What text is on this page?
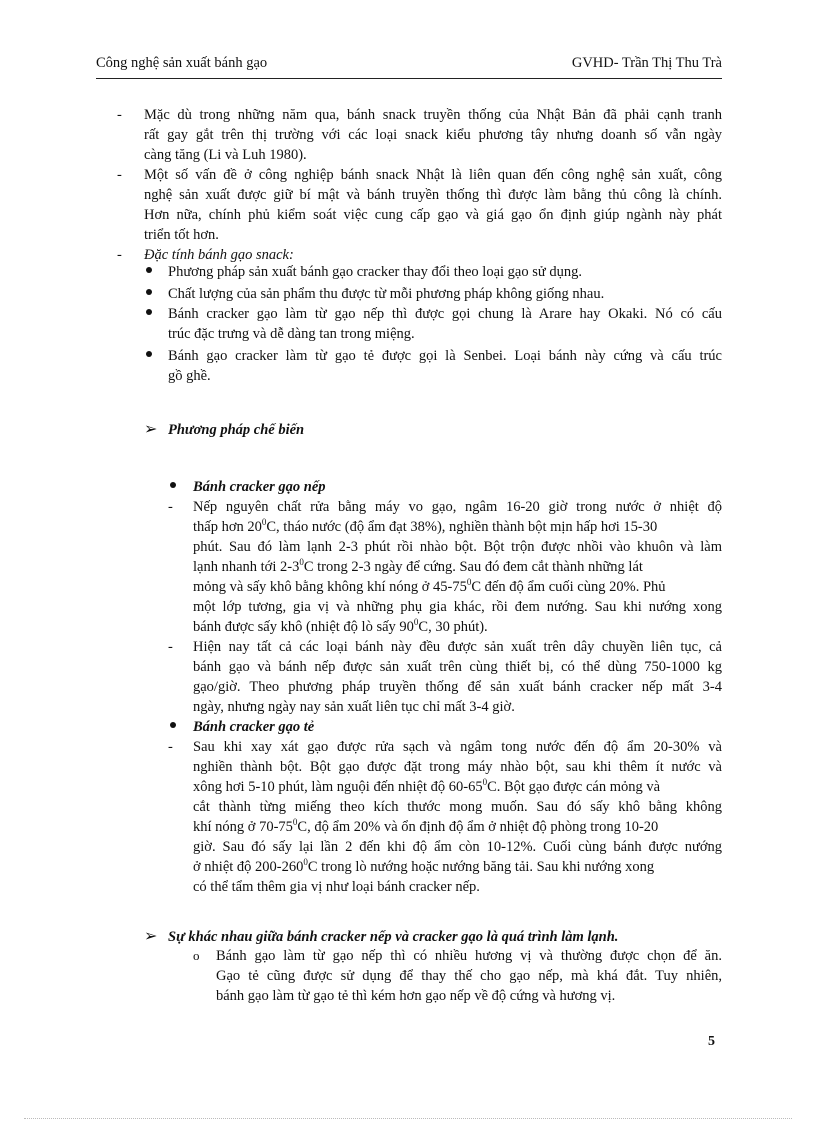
Công nghệ sản xuất bánh gạo	GVHD- Trần Thị Thu Trà
- Mặc dù trong những năm qua, bánh snack truyền thống của Nhật Bản đã phải cạnh tranh
rất gay gắt trên thị trường với các loại snack kiểu phương tây nhưng doanh số vẫn ngày
càng tăng (Li và Luh 1980).
- Một số vấn đề ở công nghiệp bánh snack Nhật là liên quan đến công nghệ sản xuất, công
nghệ sản xuất được giữ bí mật và bánh truyền thống thì được làm bằng thủ công là chính.
Hơn nữa, chính phủ kiểm soát việc cung cấp gạo và giá gạo ổn định giúp ngành này phát
triển tốt hơn.
- Đặc tính bánh gạo snack:
Phương pháp sản xuất bánh gạo cracker thay đổi theo loại gạo sử dụng.
Chất lượng của sản phẩm thu được từ mỗi phương pháp không giống nhau.
Bánh cracker gạo làm từ gạo nếp thì được gọi chung là Arare hay Okaki. Nó có cấu
trúc đặc trưng và dễ dàng tan trong miệng.
Bánh gạo cracker làm từ gạo tẻ được gọi là Senbei. Loại bánh này cứng và cấu trúc
gồ ghề.
➢ Phương pháp chế biến
Bánh cracker gạo nếp
- Nếp nguyên chất rửa bằng máy vo gạo, ngâm 16-20 giờ trong nước ở nhiệt độ
thấp hơn $20^0C$, tháo nước (độ ẩm đạt 38%), nghiền thành bột mịn hấp hơi 15-30
phút. Sau đó làm lạnh 2-3 phút rồi nhào bột. Bột trộn được nhồi vào khuôn và làm
lạnh nhanh tới $2-3^0C$ trong 2-3 ngày để cứng. Sau đó đem cắt thành những lát
mỏng và sấy khô bằng không khí nóng ở $45-75^0C$ đến độ ẩm cuối cùng 20%. Phủ
một lớp tương, gia vị và những phụ gia khác, rồi đem nướng. Sau khi nướng xong
bánh được sấy khô (nhiệt độ lò sấy $90^0C$, 30 phút).
- Hiện nay tất cả các loại bánh này đều được sản xuất trên dây chuyền liên tục, cả
bánh gạo và bánh nếp được sản xuất trên cùng thiết bị, có thể dùng 750-1000 kg
gạo/giờ. Theo phương pháp truyền thống để sản xuất bánh cracker nếp mất 3-4
ngày, nhưng ngày nay sản xuất liên tục chỉ mất 3-4 giờ.
Bánh cracker gạo tẻ
- Sau khi xay xát gạo được rửa sạch và ngâm tong nước đến độ ẩm 20-30% và
nghiền thành bột. Bột gạo được đặt trong máy nhào bột, sau khi thêm ít nước và
xông hơi 5-10 phút, làm nguội đến nhiệt độ $60-65^0C$. Bột gạo được cán mỏng và
cắt thành từng miếng theo kích thước mong muốn. Sau đó sấy khô bằng không
khí nóng ở $70-75^0C$, độ ẩm 20% và ổn định độ ẩm ở nhiệt độ phòng trong 10-20
giờ. Sau đó sấy lại lần 2 đến khi độ ẩm còn 10-12%. Cuối cùng bánh được nướng
ở nhiệt độ $200-260^0C$ trong lò nướng hoặc nướng băng tải. Sau khi nướng xong
có thể tẩm thêm gia vị như loại bánh cracker nếp.
➢ Sự khác nhau giữa bánh cracker nếp và cracker gạo là quá trình làm lạnh.
o Bánh gạo làm từ gạo nếp thì có nhiều hương vị và thường được chọn để ăn.
Gạo tẻ cũng được sử dụng để thay thế cho gạo nếp, mà khá đắt. Tuy nhiên,
bánh gạo làm từ gạo tẻ thì kém hơn gạo nếp về độ cứng và hương vị.
5
